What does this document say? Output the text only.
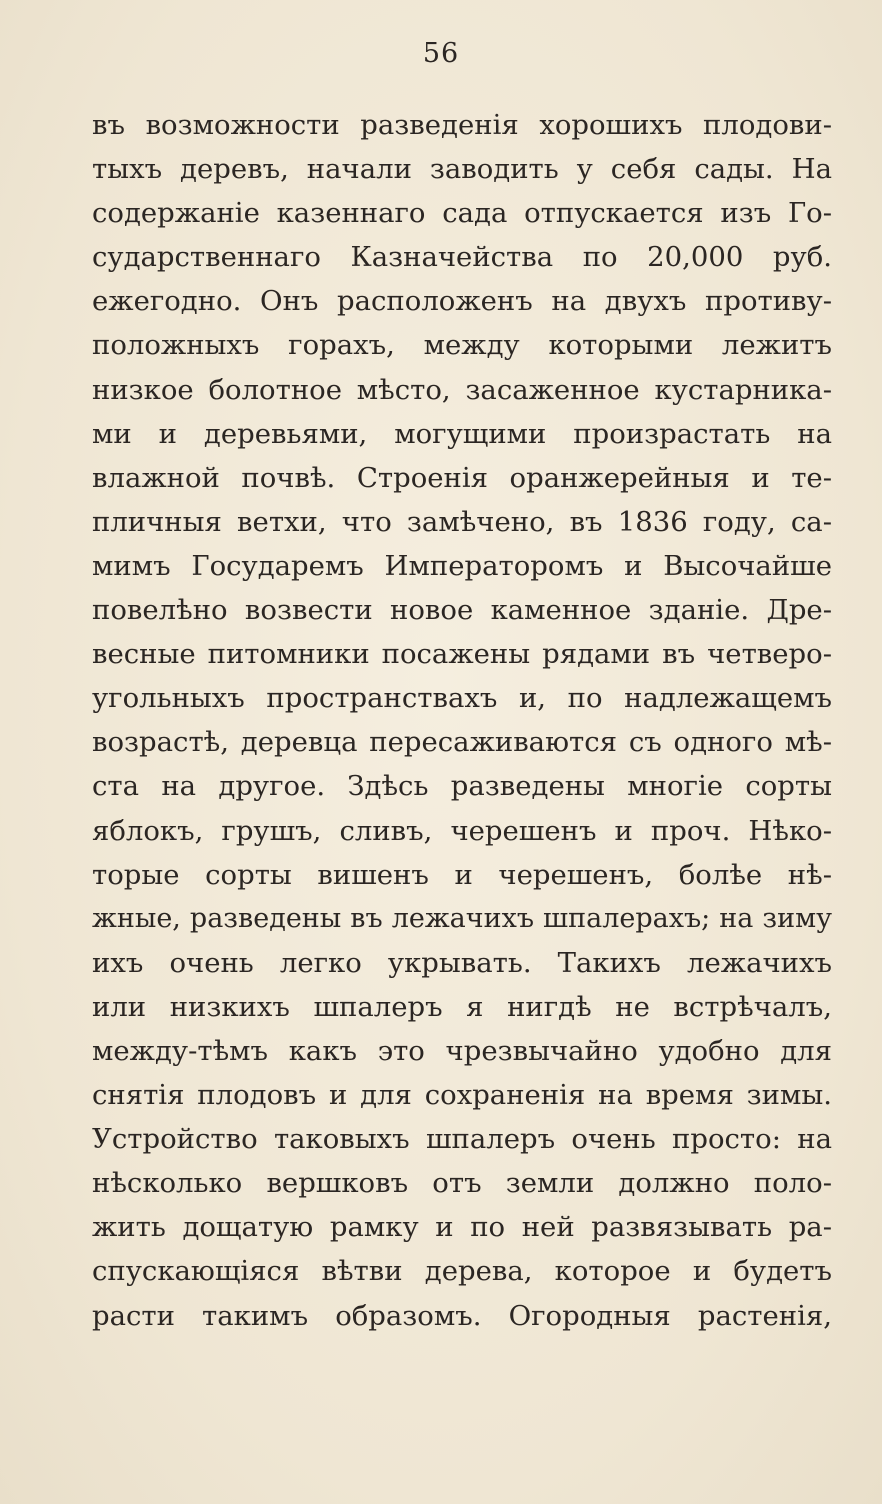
56
въ возможности разведенія хорошихъ плодови-
тыхъ деревъ, начали заводить у себя сады. На
содержаніе казеннаго сада отпускается изъ Го-
сударственнаго Казначейства по 20,000 руб.
ежегодно. Онъ расположенъ на двухъ противу-
положныхъ горахъ, между которыми лежитъ
низкое болотное мѣсто, засаженное кустарника-
ми и деревьями, могущими произрастать на
влажной почвѣ. Строенія оранжерейныя и те-
пличныя ветхи, что замѣчено, въ 1836 году, са-
мимъ Государемъ Императоромъ и Высочайше
повелѣно возвести новое каменное зданіе. Дре-
весные питомники посажены рядами въ четверо-
угольныхъ пространствахъ и, по надлежащемъ
возрастѣ, деревца пересаживаются съ одного мѣ-
ста на другое. Здѣсь разведены многіе сорты
яблокъ, грушъ, сливъ, черешенъ и проч. Нѣко-
торые сорты вишенъ и черешенъ, болѣе нѣ-
жные, разведены въ лежачихъ шпалерахъ; на зиму
ихъ очень легко укрывать. Такихъ лежачихъ
или низкихъ шпалеръ я нигдѣ не встрѣчалъ,
между-тѣмъ какъ это чрезвычайно удобно для
снятія плодовъ и для сохраненія на время зимы.
Устройство таковыхъ шпалеръ очень просто: на
нѣсколько вершковъ отъ земли должно поло-
жить дощатую рамку и по ней развязывать ра-
спускающіяся вѣтви дерева, которое и будетъ
расти такимъ образомъ. Огородныя растенія,
